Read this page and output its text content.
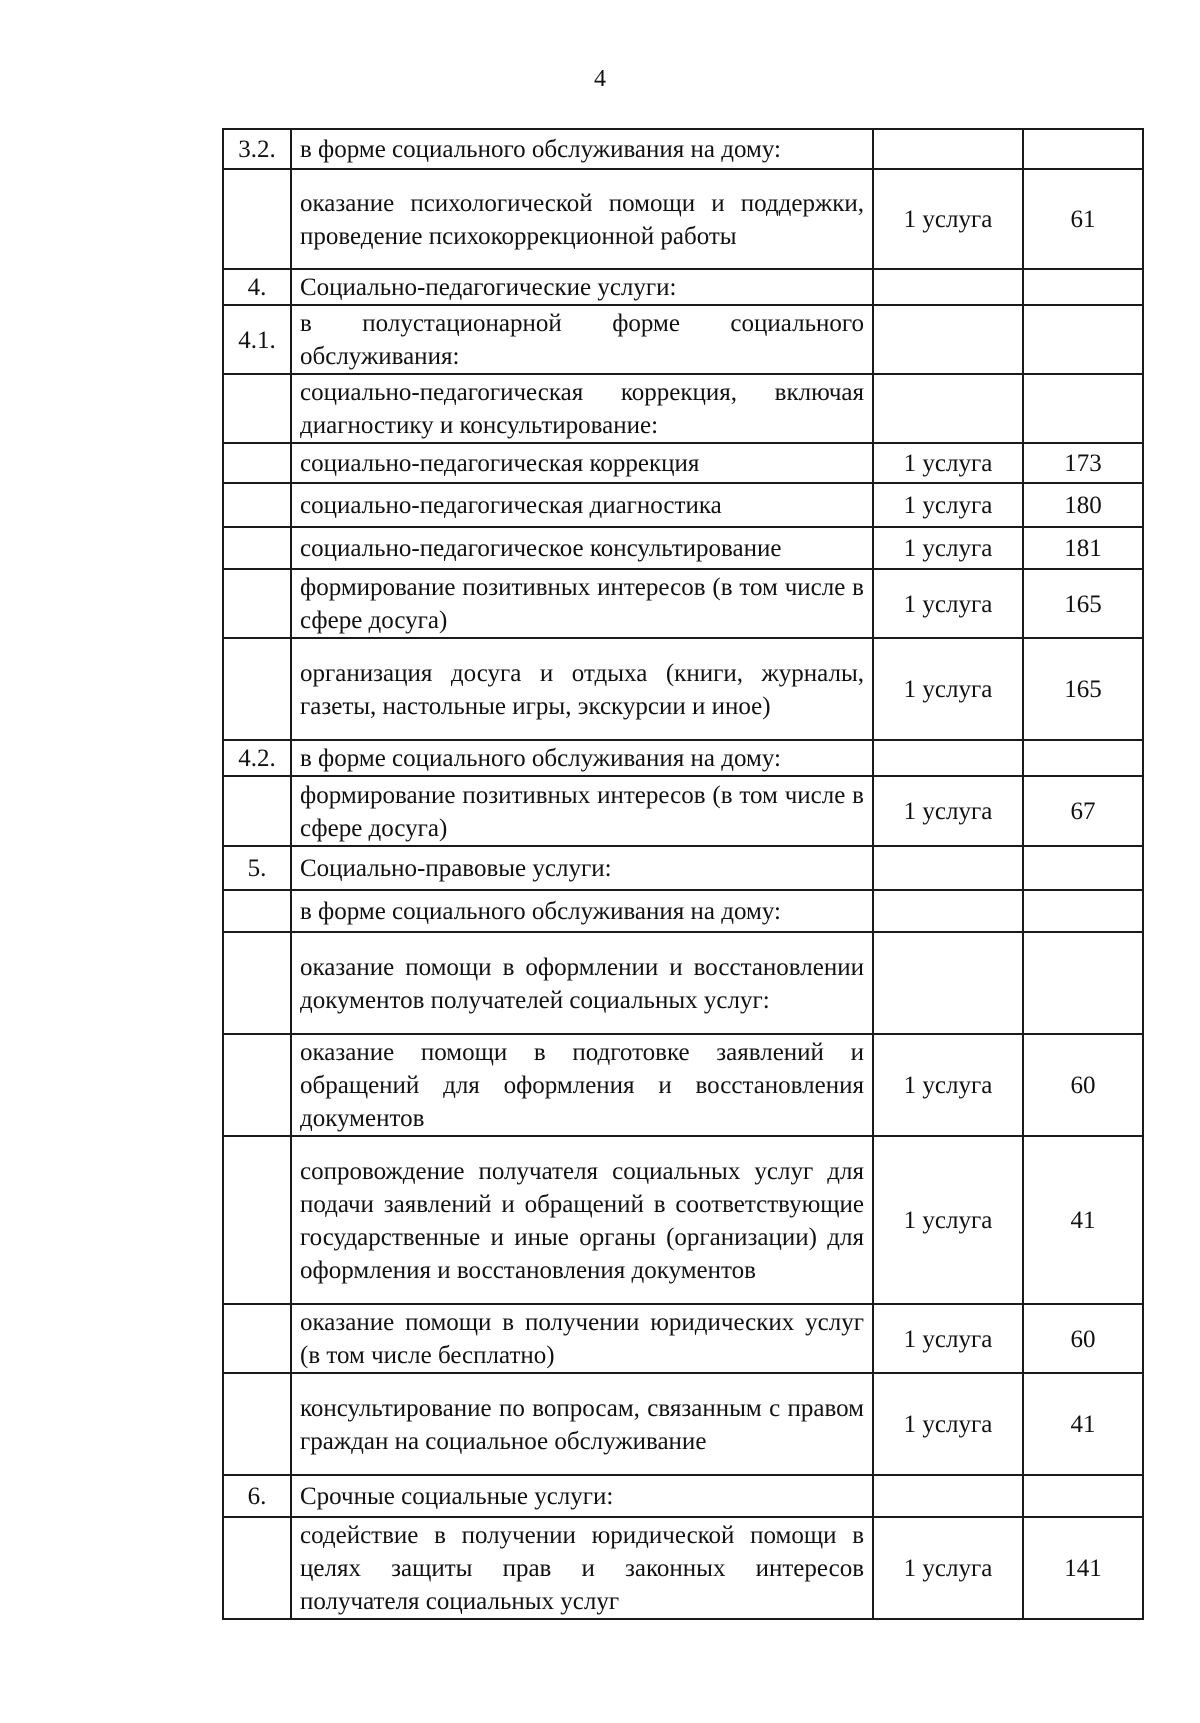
4
3.2.	в форме социального обслуживания на дому:		
	оказание психологической помощи и поддержки, проведение психокоррекционной работы	1 услуга	61
4.	Социально-педагогические услуги:		
4.1.	в полустационарной форме социального обслуживания:		
	социально-педагогическая коррекция, включая диагностику и консультирование:		
	социально-педагогическая коррекция	1 услуга	173
	социально-педагогическая диагностика	1 услуга	180
	социально-педагогическое консультирование	1 услуга	181
	формирование позитивных интересов (в том числе в сфере досуга)	1 услуга	165
	организация досуга и отдыха (книги, журналы, газеты, настольные игры, экскурсии и иное)	1 услуга	165
4.2.	в форме социального обслуживания на дому:		
	формирование позитивных интересов (в том числе в сфере досуга)	1 услуга	67
5.	Социально-правовые услуги:		
	в форме социального обслуживания на дому:		
	оказание помощи в оформлении и восстановлении документов получателей социальных услуг:		
	оказание помощи в подготовке заявлений и обращений для оформления и восстановления документов	1 услуга	60
	сопровождение получателя социальных услуг для подачи заявлений и обращений в соответствующие государственные и иные органы (организации) для оформления и восстановления документов	1 услуга	41
	оказание помощи в получении юридических услуг (в том числе бесплатно)	1 услуга	60
	консультирование по вопросам, связанным с правом граждан на социальное обслуживание	1 услуга	41
6.	Срочные социальные услуги:		
	содействие в получении юридической помощи в целях защиты прав и законных интересов получателя социальных услуг	1 услуга	141
